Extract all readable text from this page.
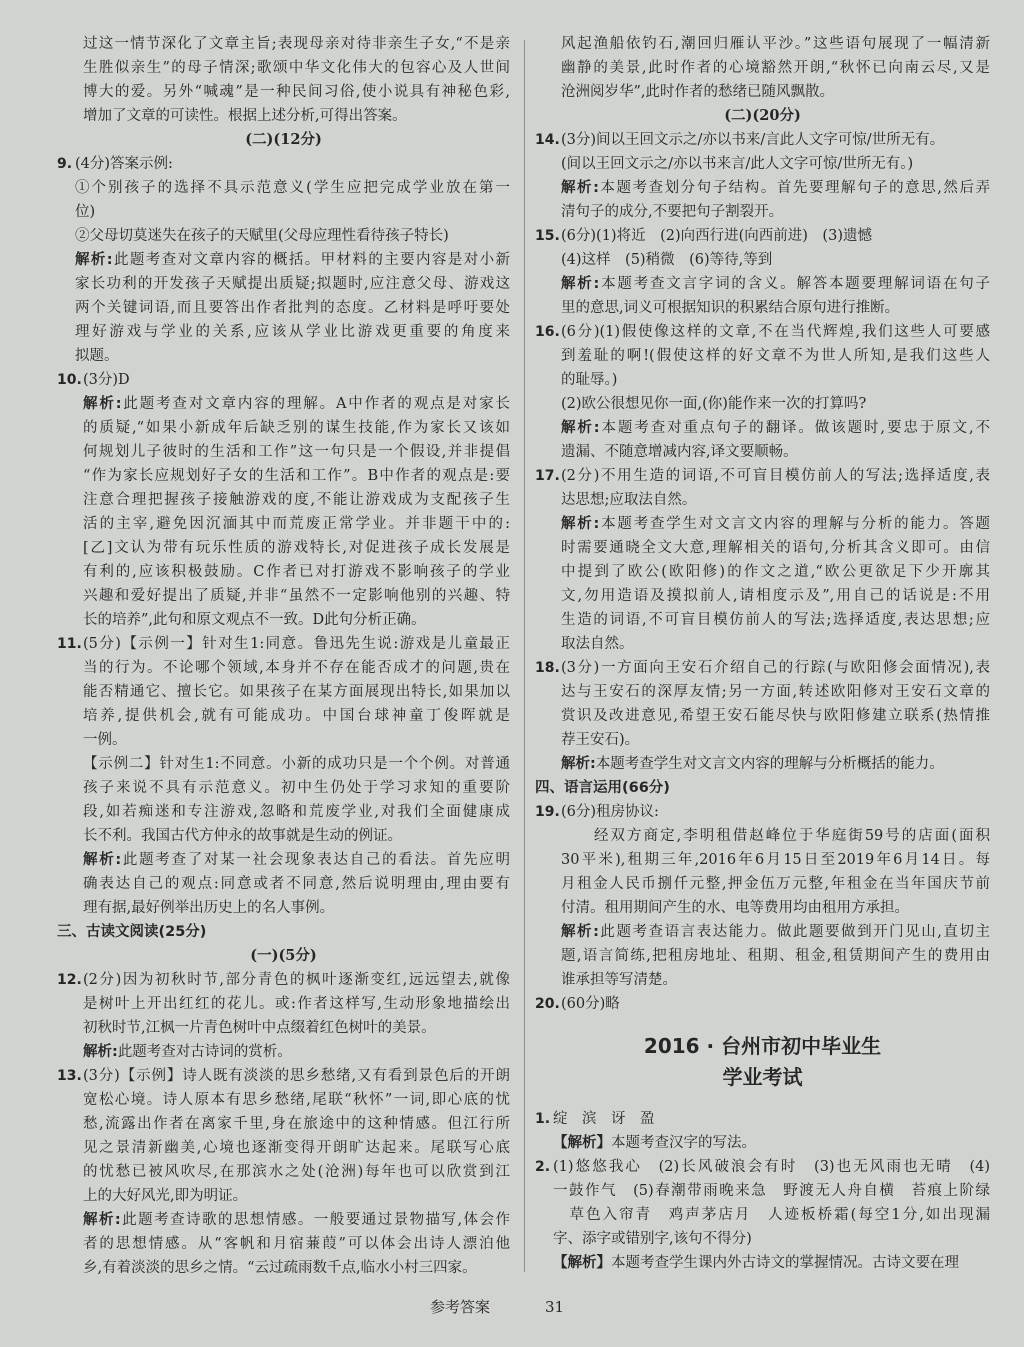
过这一情节深化了文章主旨;表现母亲对待非亲生子女,“不是亲
生胜似亲生”的母子情深;歌颂中华文化伟大的包容心及人世间
博大的爱。另外“喊魂”是一种民间习俗,使小说具有神秘色彩,
增加了文章的可读性。根据上述分析,可得出答案。
(二)(12分)
9. (4分)答案示例:
①个别孩子的选择不具示范意义(学生应把完成学业放在第一
位)
②父母切莫迷失在孩子的天赋里(父母应理性看待孩子特长)
解析:此题考查对文章内容的概括。甲材料的主要内容是对小新
家长功利的开发孩子天赋提出质疑;拟题时,应注意父母、游戏这
两个关键词语,而且要答出作者批判的态度。乙材料是呼吁要处
理好游戏与学业的关系,应该从学业比游戏更重要的角度来
拟题。
10. (3分)D
解析:此题考查对文章内容的理解。A中作者的观点是对家长
的质疑,“如果小新成年后缺乏别的谋生技能,作为家长又该如
何规划儿子彼时的生活和工作”这一句只是一个假设,并非提倡
“作为家长应规划好子女的生活和工作”。B中作者的观点是:要
注意合理把握孩子接触游戏的度,不能让游戏成为支配孩子生
活的主宰,避免因沉湎其中而荒废正常学业。并非题干中的:
[乙]文认为带有玩乐性质的游戏特长,对促进孩子成长发展是
有利的,应该积极鼓励。C作者已对打游戏不影响孩子的学业
兴趣和爱好提出了质疑,并非“虽然不一定影响他别的兴趣、特
长的培养”,此句和原文观点不一致。D此句分析正确。
11. (5分)【示例一】针对生1:同意。鲁迅先生说:游戏是儿童最正
当的行为。不论哪个领域,本身并不存在能否成才的问题,贵在
能否精通它、擅长它。如果孩子在某方面展现出特长,如果加以
培养,提供机会,就有可能成功。中国台球神童丁俊晖就是
一例。
【示例二】针对生1:不同意。小新的成功只是一个个例。对普通
孩子来说不具有示范意义。初中生仍处于学习求知的重要阶
段,如若痴迷和专注游戏,忽略和荒废学业,对我们全面健康成
长不利。我国古代方仲永的故事就是生动的例证。
解析:此题考查了对某一社会现象表达自己的看法。首先应明
确表达自己的观点:同意或者不同意,然后说明理由,理由要有
理有据,最好例举出历史上的名人事例。
三、古读文阅读(25分)
(一)(5分)
12. (2分)因为初秋时节,部分青色的枫叶逐渐变红,远远望去,就像
是树叶上开出红红的花儿。或:作者这样写,生动形象地描绘出
初秋时节,江枫一片青色树叶中点缀着红色树叶的美景。
解析:此题考查对古诗词的赏析。
13. (3分)【示例】诗人既有淡淡的思乡愁绪,又有看到景色后的开朗
宽松心境。诗人原本有思乡愁绪,尾联“秋怀”一词,即心底的忧
愁,流露出作者在离家千里,身在旅途中的这种情感。但江行所
见之景清新幽美,心境也逐渐变得开朗旷达起来。尾联写心底
的忧愁已被风吹尽,在那滨水之处(沧洲)每年也可以欣赏到江
上的大好风光,即为明证。
解析:此题考查诗歌的思想情感。一般要通过景物描写,体会作
者的思想情感。从“客帆和月宿蒹葭”可以体会出诗人漂泊他
乡,有着淡淡的思乡之情。“云过疏雨数千点,临水小村三四家。
风起渔船依钓石,潮回归雁认平沙。”这些语句展现了一幅清新
幽静的美景,此时作者的心境豁然开朗,“秋怀已向南云尽,又是
沧洲阅岁华”,此时作者的愁绪已随风飘散。
(二)(20分)
14. (3分)间以王回文示之/亦以书来/言此人文字可惊/世所无有。
(间以王回文示之/亦以书来言/此人文字可惊/世所无有。)
解析:本题考查划分句子结构。首先要理解句子的意思,然后弄
清句子的成分,不要把句子割裂开。
15. (6分)(1)将近　(2)向西行进(向西前进)　(3)遗憾
(4)这样　(5)稍微　(6)等待,等到
解析:本题考查文言字词的含义。解答本题要理解词语在句子
里的意思,词义可根据知识的积累结合原句进行推断。
16. (6分)(1)假使像这样的文章,不在当代辉煌,我们这些人可要感
到羞耻的啊!(假使这样的好文章不为世人所知,是我们这些人
的耻辱。)
(2)欧公很想见你一面,(你)能作来一次的打算吗?
解析:本题考查对重点句子的翻译。做该题时,要忠于原文,不
遗漏、不随意增减内容,译文要顺畅。
17. (2分)不用生造的词语,不可盲目模仿前人的写法;选择适度,表
达思想;应取法自然。
解析:本题考查学生对文言文内容的理解与分析的能力。答题
时需要通晓全文大意,理解相关的语句,分析其含义即可。由信
中提到了欧公(欧阳修)的作文之道,“欧公更欲足下少开廓其
文,勿用造语及摸拟前人,请相度示及”,用自己的话说是:不用
生造的词语,不可盲目模仿前人的写法;选择适度,表达思想;应
取法自然。
18. (3分)一方面向王安石介绍自己的行踪(与欧阳修会面情况),表
达与王安石的深厚友情;另一方面,转述欧阳修对王安石文章的
赏识及改进意见,希望王安石能尽快与欧阳修建立联系(热情推
荐王安石)。
解析:本题考查学生对文言文内容的理解与分析概括的能力。
四、语言运用(66分)
19. (6分)租房协议:
　　经双方商定,李明租借赵峰位于华庭街59号的店面(面积
30平米),租期三年,2016年6月15日至2019年6月14日。每
月租金人民币捌仟元整,押金伍万元整,年租金在当年国庆节前
付清。租用期间产生的水、电等费用均由租用方承担。
解析:此题考查语言表达能力。做此题要做到开门见山,直切主
题,语言简练,把租房地址、租期、租金,租赁期间产生的费用由
谁承担等写清楚。
20. (60分)略
2016 · 台州市初中毕业生
学业考试
1. 绽　滨　讶　盈
【解析】本题考查汉字的写法。
2. (1)悠悠我心　(2)长风破浪会有时　(3)也无风雨也无晴　(4)
一鼓作气　(5)春潮带雨晚来急　野渡无人舟自横　苔痕上阶绿
　草色入帘青　鸡声茅店月　人迹板桥霜(每空1分,如出现漏
字、添字或错别字,该句不得分)
【解析】本题考查学生课内外古诗文的掌握情况。古诗文要在理
参考答案	31
